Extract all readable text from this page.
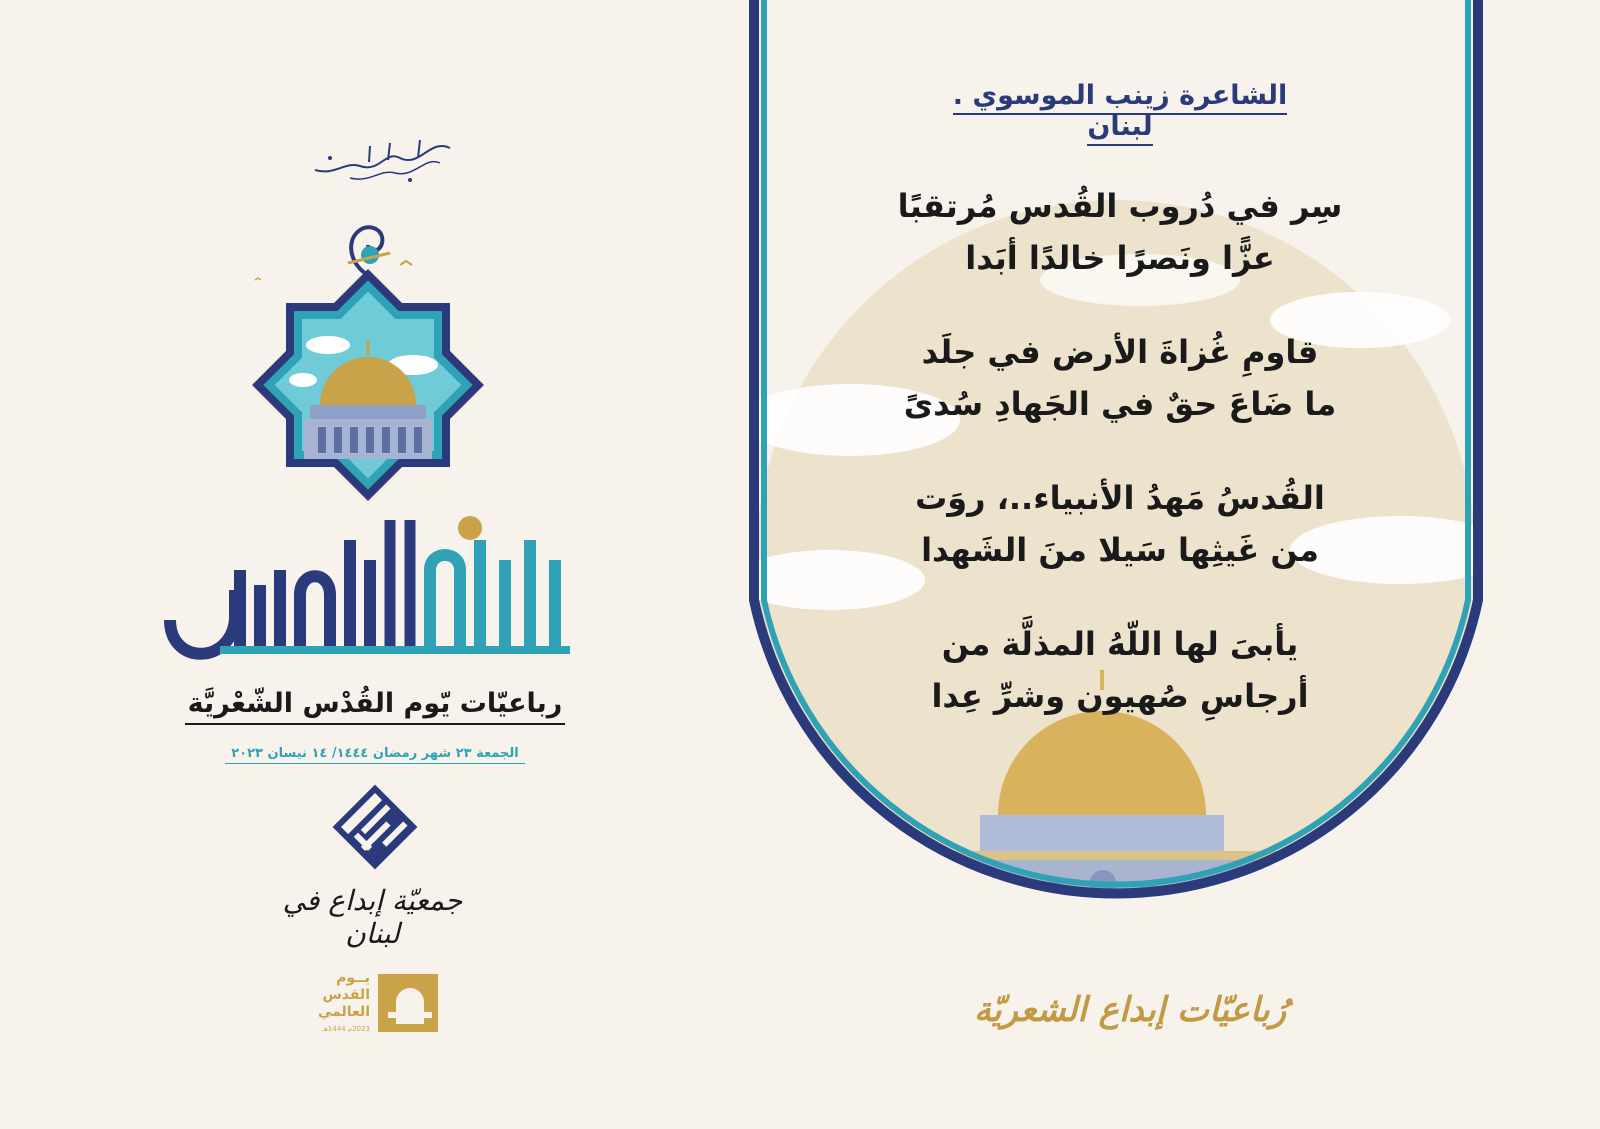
رباعيّات يّوم القُدْس الشّعْريَّة
الجمعة ٢٣ شهر رمضان ١٤٤٤/ ١٤ نيسان ٢٠٢٣
جمعيّة إبداع في لبنان
يــوم
القدس
العالمي
2023م 1444هـ
الشاعرة زينب الموسوي . لبنان
سِر في دُروب القُدس مُرتقبًا
عزًّا ونَصرًا خالدًا أبَدا
قاومِ غُزاةَ الأرض في جلَد
ما ضَاعَ حقٌ في الجَهادِ سُدىً
القُدسُ مَهدُ الأنبياء..، روَت
من غَيثِها سَيلا منَ الشَهدا
يأبىَ لها اللّهُ المذلَّة من
أرجاسِ صُهيون وشرِّ عِدا
رُباعيّات إبداع الشعريّة
